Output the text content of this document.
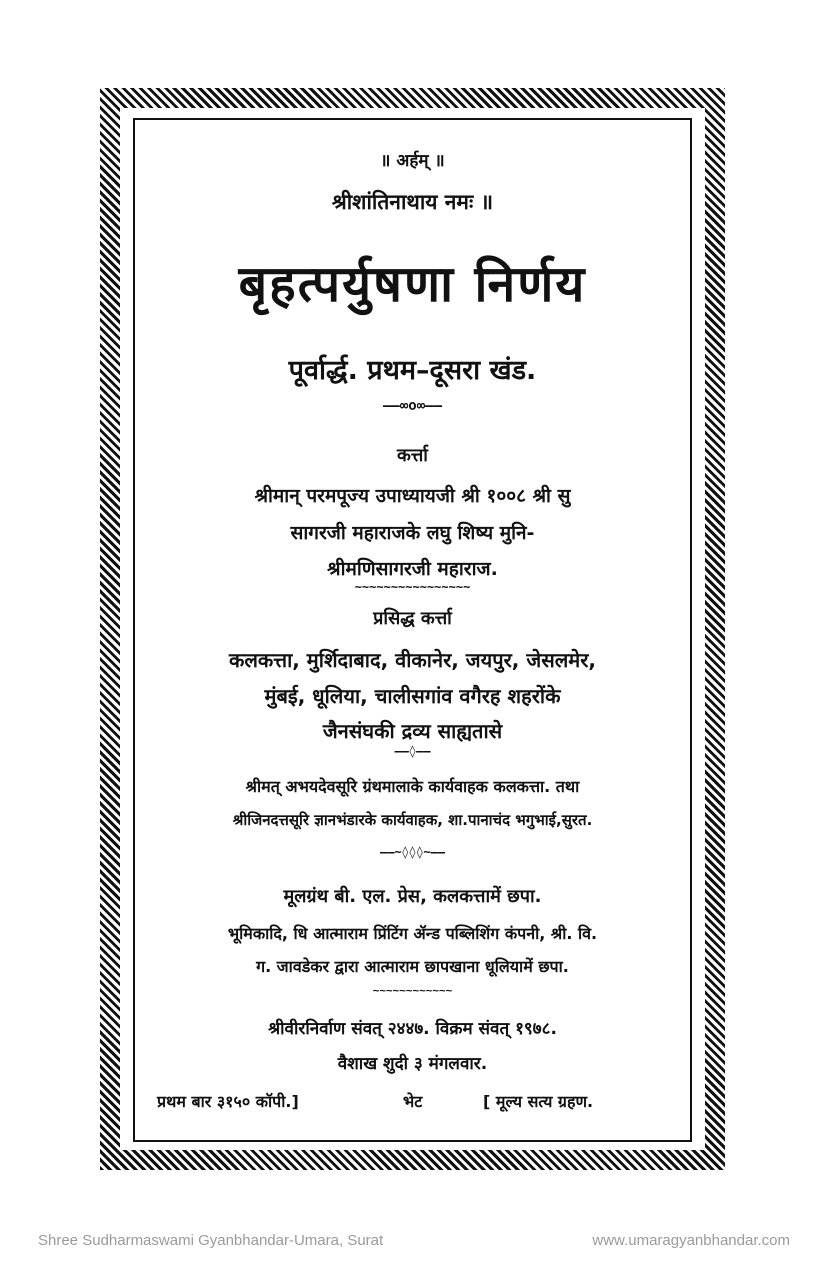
॥ अर्हम् ॥
श्रीशांतिनाथाय नमः ॥
बृहत्पर्युषणा निर्णय
पूर्वार्द्ध. प्रथम–दूसरा खंड.
——∞o∞——
कर्त्ता
श्रीमान् परमपूज्य उपाध्यायजी श्री १००८ श्री सु
सागरजी महाराजके लघु शिष्य मुनि-
श्रीमणिसागरजी महाराज.
~~~~~~~~~~~~~~~~
प्रसिद्ध कर्त्ता
कलकत्ता, मुर्शिदाबाद, वीकानेर, जयपुर, जेसलमेर,
मुंबई, धूलिया, चालीसगांव वगैरह शहरोंके
जैनसंघकी द्रव्य साह्यतासे
——◊——
श्रीमत् अभयदेवसूरि ग्रंथमालाके कार्यवाहक कलकत्ता. तथा
श्रीजिनदत्तसूरि ज्ञानभंडारके कार्यवाहक, शा.पानाचंद भगुभाई,सुरत.
——~◊◊◊~——
मूलग्रंथ बी. एल. प्रेस, कलकत्तामें छपा.
भूमिकादि, धि आत्माराम प्रिंटिंग ॲन्ड पब्लिशिंग कंपनी, श्री. वि.
ग. जावडेकर द्वारा आत्माराम छापखाना धूलियामें छपा.
~~~~~~~~~~~~
श्रीवीरनिर्वाण संवत् २४४७. विक्रम संवत् १९७८.
वैशाख शुदी ३ मंगलवार.
प्रथम बार ३१५० कॉपी.]	भेट	[ मूल्य सत्य ग्रहण.
Shree Sudharmaswami Gyanbhandar-Umara, Surat	www.umaragyanbhandar.com
